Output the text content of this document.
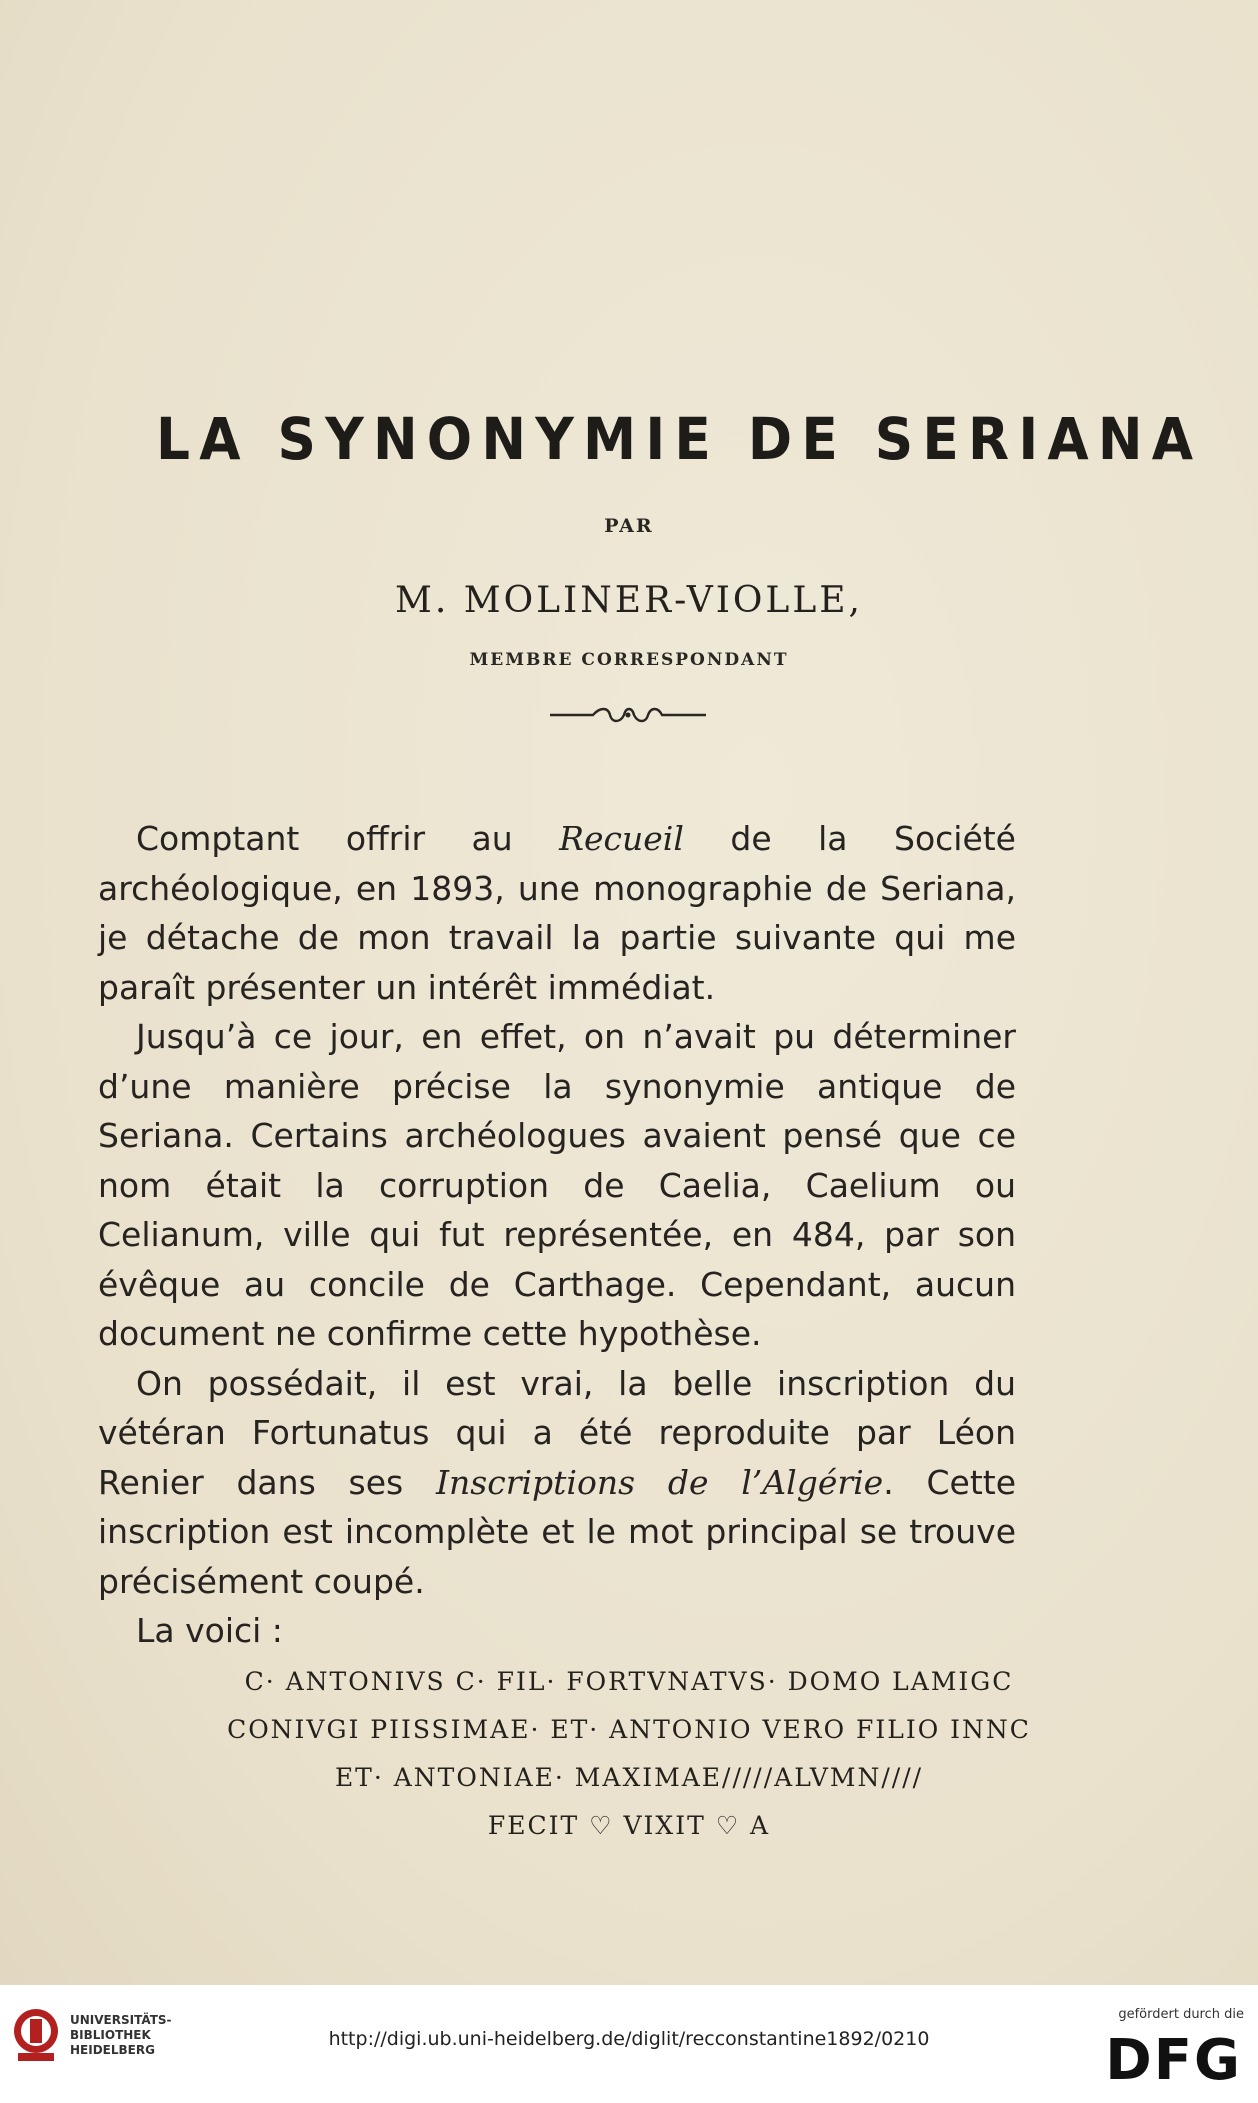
LA SYNONYMIE DE SERIANA
PAR
M. MOLINER-VIOLLE,
MEMBRE CORRESPONDANT

Comptant offrir au Recueil de la Société archéologique, en 1893, une monographie de Seriana, je détache de mon travail la partie suivante qui me paraît présenter un intérêt immédiat.

Jusqu’à ce jour, en effet, on n’avait pu déterminer d’une manière précise la synonymie antique de Seriana. Certains archéologues avaient pensé que ce nom était la corruption de Caelia, Caelium ou Celianum, ville qui fut représentée, en 484, par son évêque au concile de Carthage. Cependant, aucun document ne confirme cette hypothèse.

On possédait, il est vrai, la belle inscription du vétéran Fortunatus qui a été reproduite par Léon Renier dans ses Inscriptions de l’Algérie. Cette inscription est incomplète et le mot principal se trouve précisément coupé.

La voici :

C· ANTONIVS C· FIL· FORTVNATVS· DOMO LAMIGC
CONIVGI PIISSIMAE· ET· ANTONIO VERO FILIO INNC
ET· ANTONIAE· MAXIMAE/////ALVMN////
FECIT ♡ VIXIT ♡ A
UNIVERSITÄTS-
BIBLIOTHEK
HEIDELBERG	http://digi.ub.uni-heidelberg.de/diglit/recconstantine1892/0210
gefördert durch die
DFG
